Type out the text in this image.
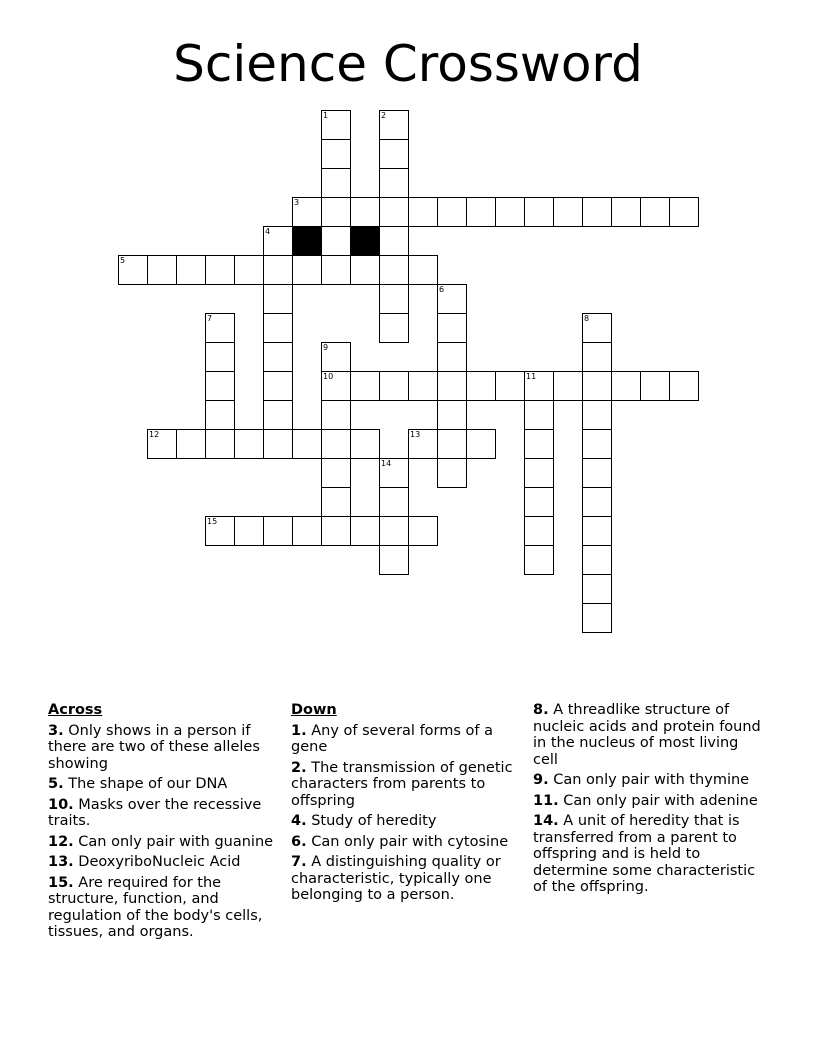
Science Crossword
1	2
3
4
5
6
7	8
9
10	11
12	13
14
15
Across
3. Only shows in a person if there are two of these alleles showing
5. The shape of our DNA
10. Masks over the recessive traits.
12. Can only pair with guanine
13. DeoxyriboNucleic Acid
15. Are required for the structure, function, and regulation of the body's cells, tissues, and organs.
Down
1. Any of several forms of a gene
2. The transmission of genetic characters from parents to offspring
4. Study of heredity
6. Can only pair with cytosine
7. A distinguishing quality or characteristic, typically one belonging to a person.
8. A threadlike structure of nucleic acids and protein found in the nucleus of most living cell
9. Can only pair with thymine
11. Can only pair with adenine
14. A unit of heredity that is transferred from a parent to offspring and is held to determine some characteristic of the offspring.
